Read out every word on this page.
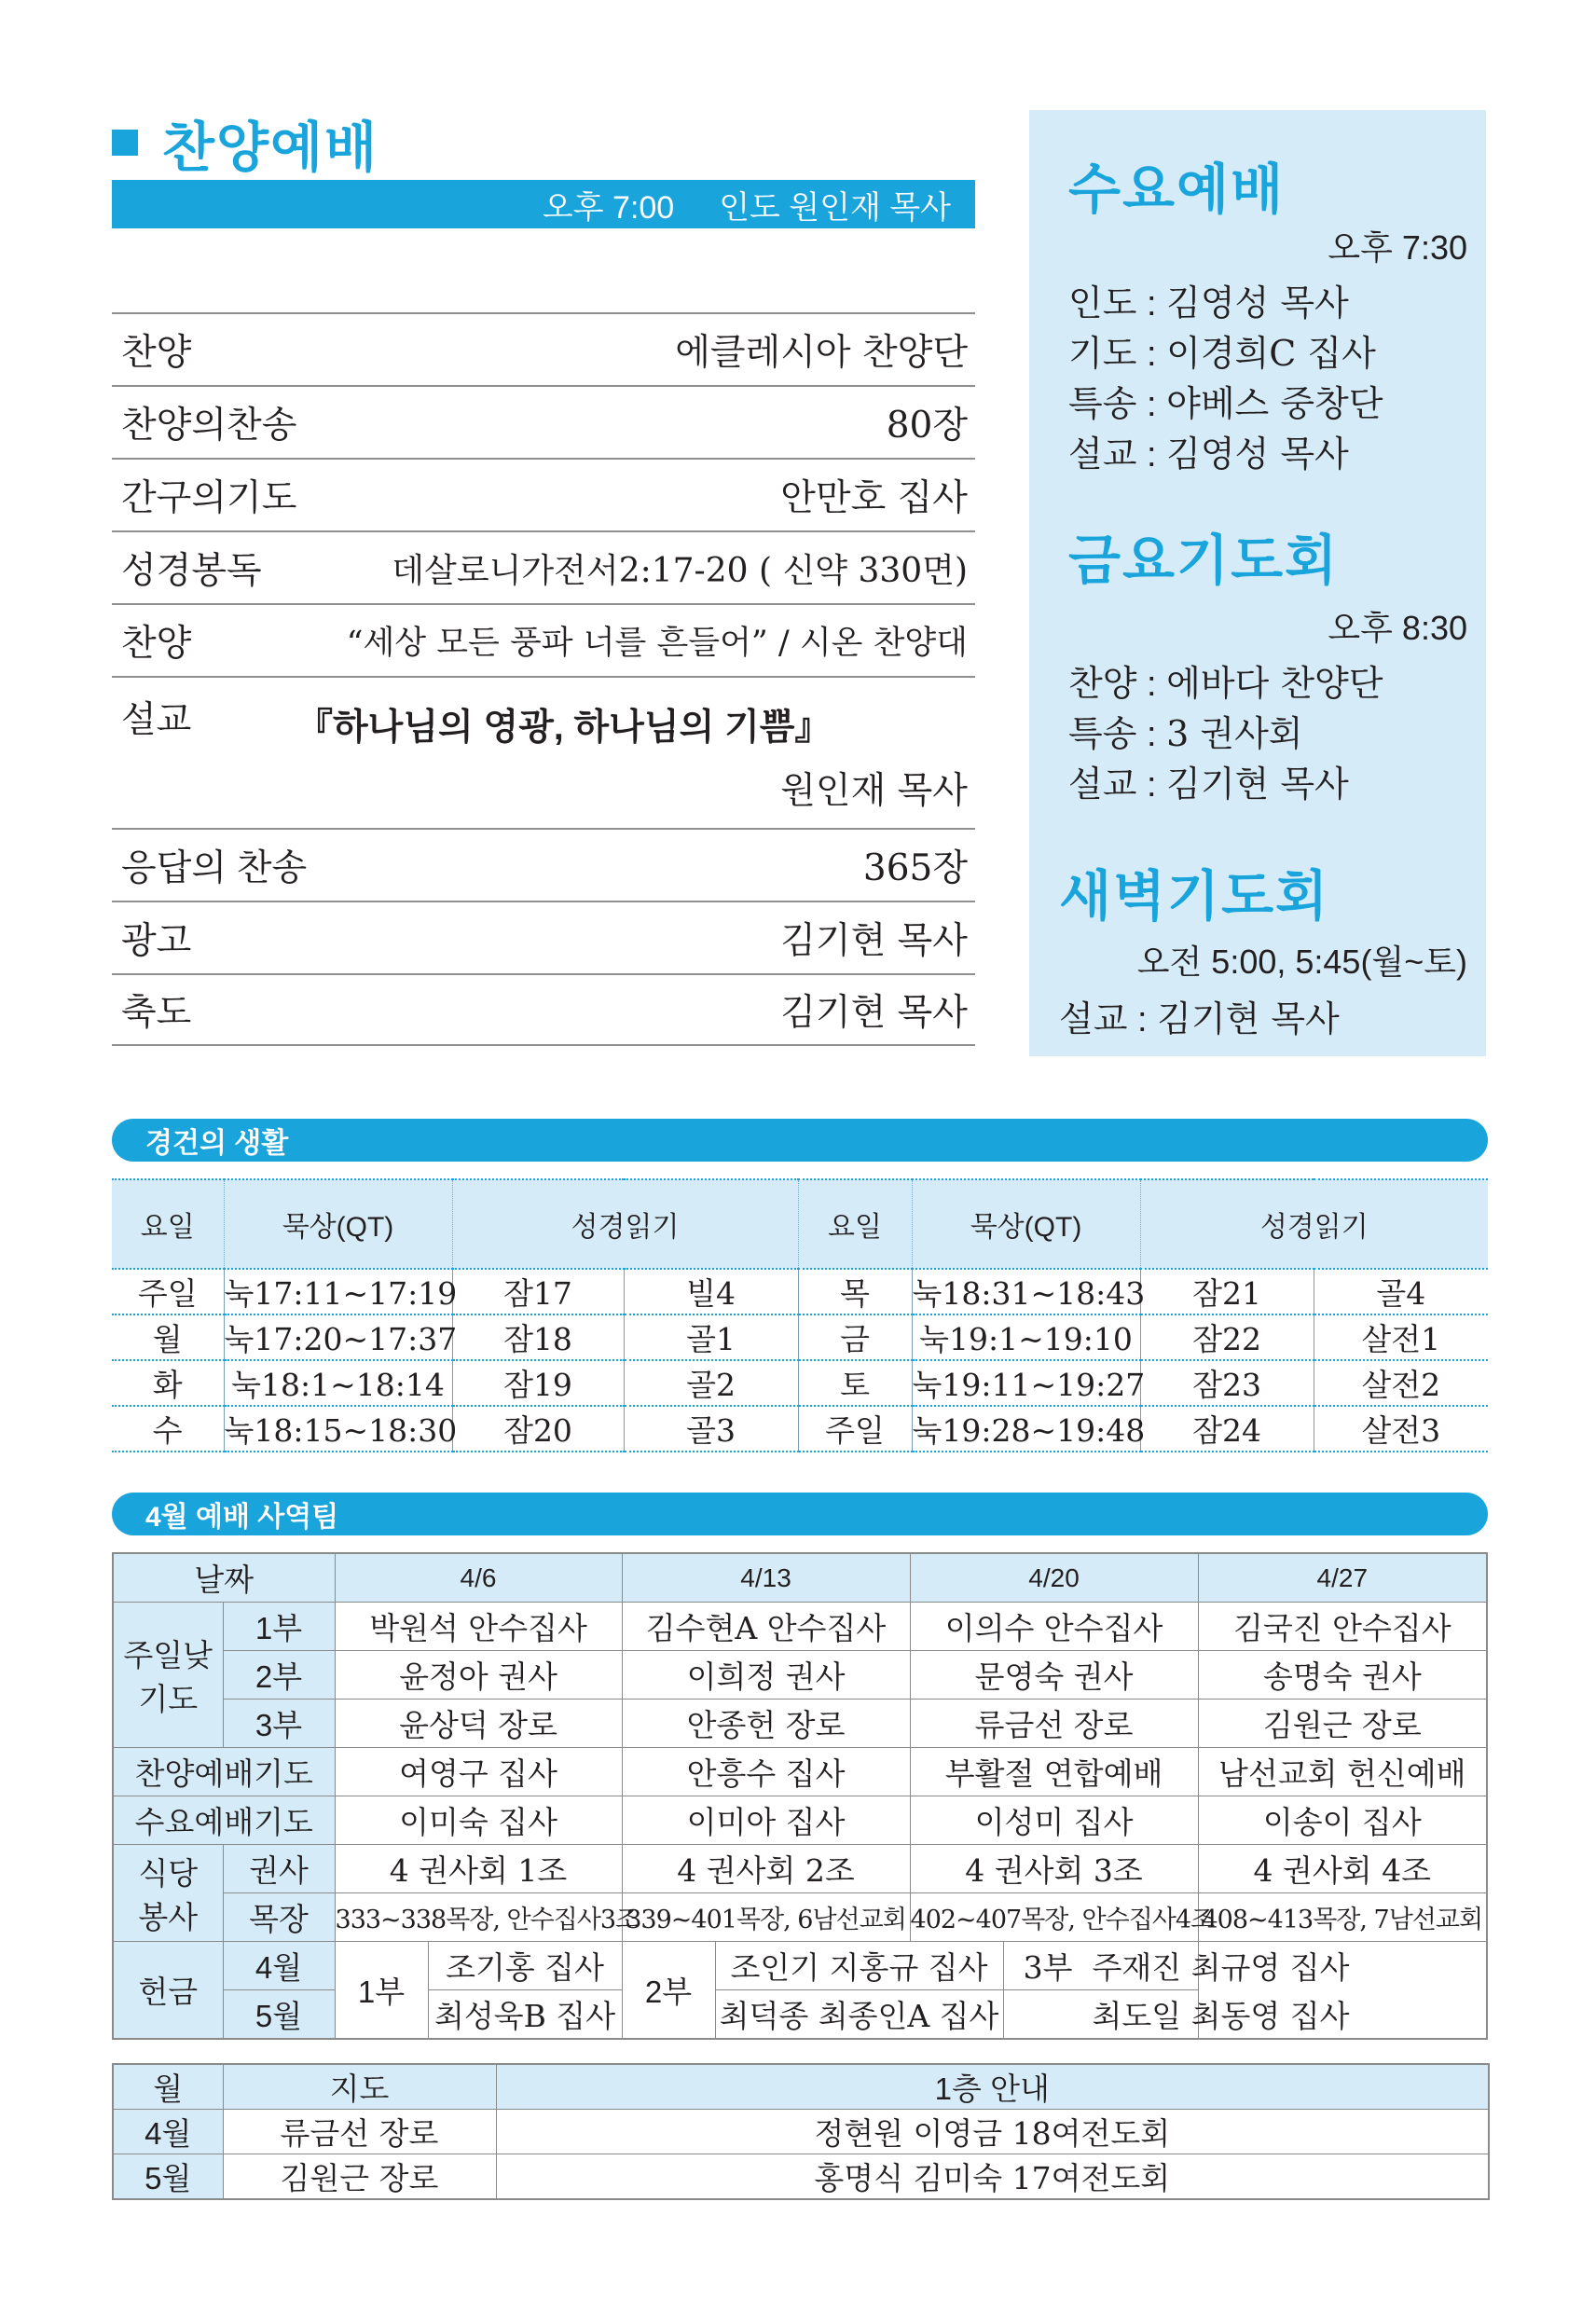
찬양예배
오후 7:00 인도 원인재 목사
찬양	에클레시아 찬양단
찬양의찬송	80장
간구의기도	안만호 집사
성경봉독	데살로니가전서2:17-20 ( 신약 330면)
찬양	“세상 모든 풍파 너를 흔들어” / 시온 찬양대
설교	『하나님의 영광, 하나님의 기쁨』
원인재 목사
응답의 찬송	365장
광고	김기현 목사
축도	김기현 목사
수요예배
오후 7:30
인도 : 김영성 목사
기도 : 이경희C 집사
특송 : 야베스 중창단
설교 : 김영성 목사
금요기도회
오후 8:30
찬양 : 에바다 찬양단
특송 : 3 권사회
설교 : 김기현 목사
새벽기도회
오전 5:00, 5:45(월~토)
설교 : 김기현 목사
경건의 생활
요일	묵상(QT)	성경읽기		요일	묵상(QT)	성경읽기	
주일	눅17:11~17:19	잠17	빌4	목	눅18:31~18:43	잠21	골4
월	눅17:20~17:37	잠18	골1	금	눅19:1~19:10	잠22	살전1
화	눅18:1~18:14	잠19	골2	토	눅19:11~19:27	잠23	살전2
수	눅18:15~18:30	잠20	골3	주일	눅19:28~19:48	잠24	살전3
4월 예배 사역팀
날짜		4/6		4/13		4/20		4/27
주일낮
기도	1부	박원석 안수집사		김수현A 안수집사		이의수 안수집사		김국진 안수집사
	2부	윤정아 권사		이희정 권사		문영숙 권사		송명숙 권사
	3부	윤상덕 장로		안종헌 장로		류금선 장로		김원근 장로
찬양예배기도		여영구 집사		안흥수 집사		부활절 연합예배		남선교회 헌신예배
수요예배기도		이미숙 집사		이미아 집사		이성미 집사		이송이 집사
식당
봉사	권사	4 권사회 1조		4 권사회 2조		4 권사회 3조		4 권사회 4조
	목장	333~338목장, 안수집사3조		339~401목장, 6남선교회		402~407목장, 안수집사4조		408~413목장, 7남선교회
헌금	4월	1부	조기홍 집사	2부	조인기 지홍규 집사		3부 주재진 최규영 집사	
	5월		최성욱B 집사		최덕종 최종인A 집사		최도일 최동영 집사	
월	지도	1층 안내
4월	류금선 장로	정현원 이영금 18여전도회
5월	김원근 장로	홍명식 김미숙 17여전도회
